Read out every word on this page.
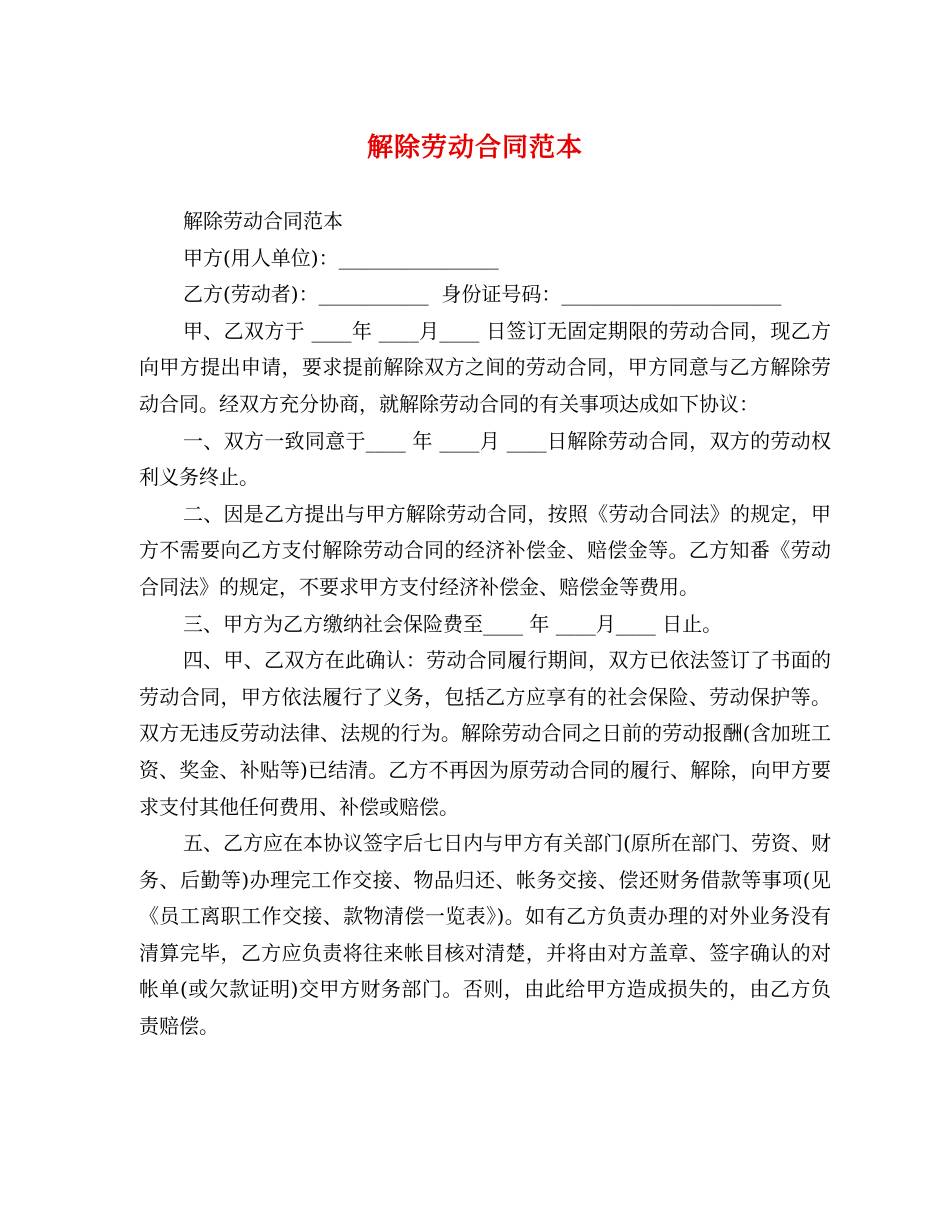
解除劳动合同范本

解除劳动合同范本

甲方(用人单位)：________________

乙方(劳动者)：___________  身份证号码：______________________

甲、乙双方于 ____年 ____月____ 日签订无固定期限的劳动合同，现乙方向甲方提出申请，要求提前解除双方之间的劳动合同，甲方同意与乙方解除劳动合同。经双方充分协商，就解除劳动合同的有关事项达成如下协议：

一、双方一致同意于____ 年 ____月 ____日解除劳动合同，双方的劳动权利义务终止。

二、因是乙方提出与甲方解除劳动合同，按照《劳动合同法》的规定，甲方不需要向乙方支付解除劳动合同的经济补偿金、赔偿金等。乙方知番《劳动合同法》的规定，不要求甲方支付经济补偿金、赔偿金等费用。

三、甲方为乙方缴纳社会保险费至____ 年 ____月____ 日止。

四、甲、乙双方在此确认：劳动合同履行期间，双方已依法签订了书面的劳动合同，甲方依法履行了义务，包括乙方应享有的社会保险、劳动保护等。双方无违反劳动法律、法规的行为。解除劳动合同之日前的劳动报酬(含加班工资、奖金、补贴等)已结清。乙方不再因为原劳动合同的履行、解除，向甲方要求支付其他任何费用、补偿或赔偿。

五、乙方应在本协议签字后七日内与甲方有关部门(原所在部门、劳资、财务、后勤等)办理完工作交接、物品归还、帐务交接、偿还财务借款等事项(见《员工离职工作交接、款物清偿一览表》)。如有乙方负责办理的对外业务没有清算完毕，乙方应负责将往来帐目核对清楚，并将由对方盖章、签字确认的对帐单(或欠款证明)交甲方财务部门。否则，由此给甲方造成损失的，由乙方负责赔偿。
